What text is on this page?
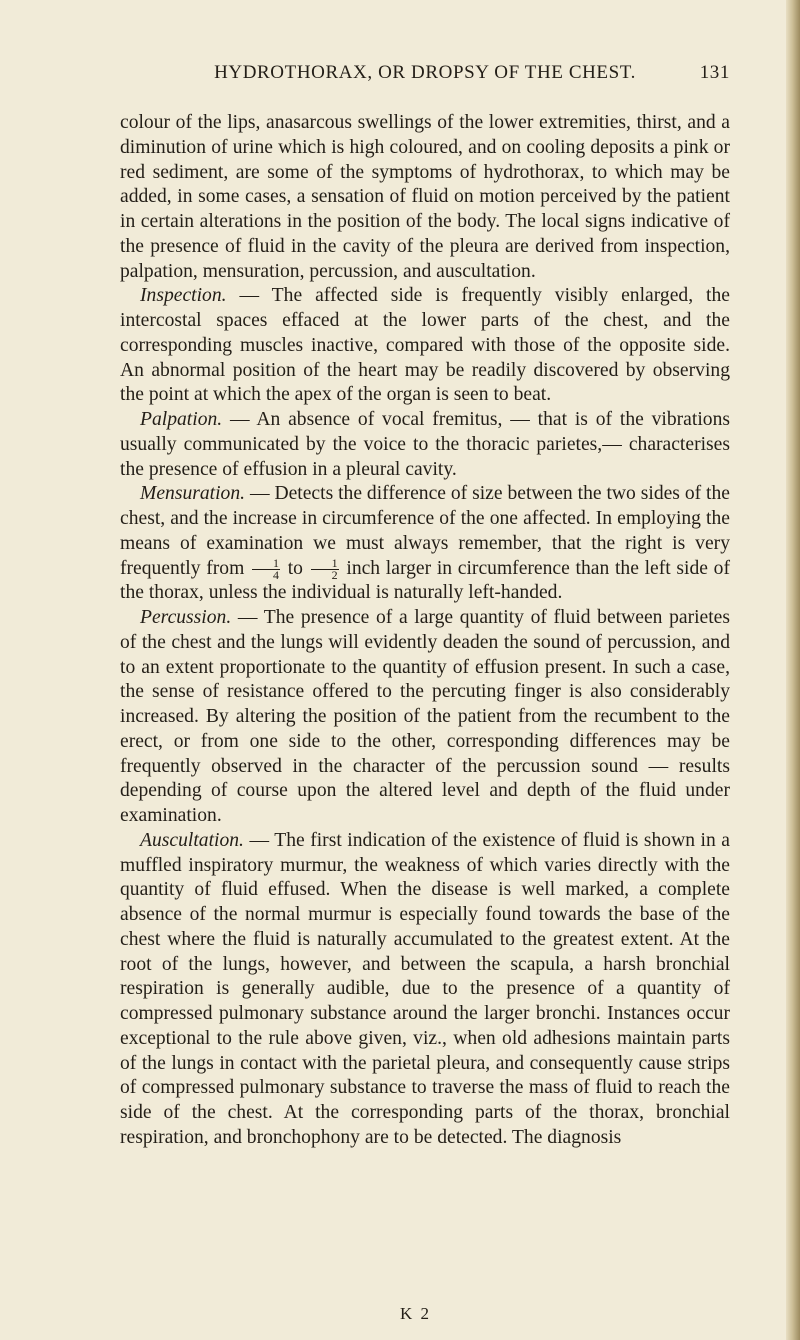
HYDROTHORAX, OR DROPSY OF THE CHEST.	131

colour of the lips, anasarcous swellings of the lower extremities, thirst, and a diminution of urine which is high coloured, and on cooling deposits a pink or red sediment, are some of the symptoms of hydrothorax, to which may be added, in some cases, a sensation of fluid on motion perceived by the patient in certain alterations in the position of the body. The local signs indicative of the presence of fluid in the cavity of the pleura are derived from inspection, palpation, mensuration, percussion, and auscultation.

Inspection. — The affected side is frequently visibly enlarged, the intercostal spaces effaced at the lower parts of the chest, and the corresponding muscles inactive, compared with those of the opposite side. An abnormal position of the heart may be readily discovered by observing the point at which the apex of the organ is seen to beat.

Palpation. — An absence of vocal fremitus, — that is of the vibrations usually communicated by the voice to the thoracic parietes,— characterises the presence of effusion in a pleural cavity.

Mensuration. — Detects the difference of size between the two sides of the chest, and the increase in circumference of the one affected. In employing the means of examination we must always remember, that the right is very frequently from $\frac{1}{4}$ to $\frac{1}{2}$ inch larger in circumference than the left side of the thorax, unless the individual is naturally left-handed.

Percussion. — The presence of a large quantity of fluid between parietes of the chest and the lungs will evidently deaden the sound of percussion, and to an extent proportionate to the quantity of effusion present. In such a case, the sense of resistance offered to the percuting finger is also considerably increased. By altering the position of the patient from the recumbent to the erect, or from one side to the other, corresponding differences may be frequently observed in the character of the percussion sound — results depending of course upon the altered level and depth of the fluid under examination.

Auscultation. — The first indication of the existence of fluid is shown in a muffled inspiratory murmur, the weakness of which varies directly with the quantity of fluid effused. When the disease is well marked, a complete absence of the normal murmur is especially found towards the base of the chest where the fluid is naturally accumulated to the greatest extent. At the root of the lungs, however, and between the scapula, a harsh bronchial respiration is generally audible, due to the presence of a quantity of compressed pulmonary substance around the larger bronchi. Instances occur exceptional to the rule above given, viz., when old adhesions maintain parts of the lungs in contact with the parietal pleura, and consequently cause strips of compressed pulmonary substance to traverse the mass of fluid to reach the side of the chest. At the corresponding parts of the thorax, bronchial respiration, and bronchophony are to be detected. The diagnosis

K 2
